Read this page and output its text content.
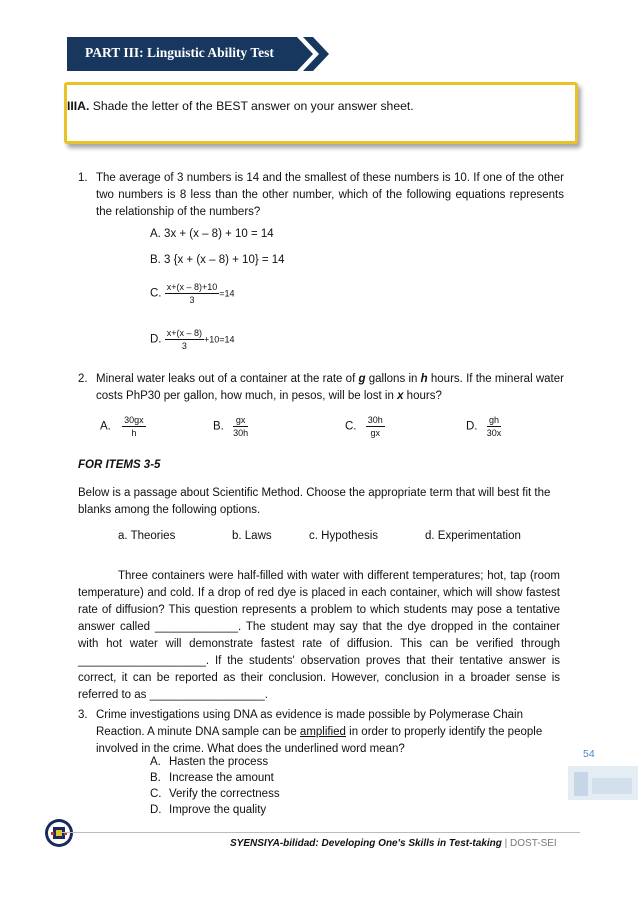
PART III: Linguistic Ability Test
IIIA. Shade the letter of the BEST answer on your answer sheet.
1. The average of 3 numbers is 14 and the smallest of these numbers is 10. If one of the other two numbers is 8 less than the other number, which of the following equations represents the relationship of the numbers?
A. 3x + (x – 8) + 10 = 14
B. 3 {x + (x – 8) + 10} = 14
C. $\frac{x+(x - 8)+10}{3} =14$
D. $\frac{x+(x - 8)}{3} +10=14$
2. Mineral water leaks out of a container at the rate of g gallons in h hours. If the mineral water costs PhP30 per gallon, how much, in pesos, will be lost in x hours?
A. $\frac{30gx}{h}$	B. $\frac{gx}{30h}$	C. $\frac{30h}{gx}$	D. $\frac{gh}{30x}$
FOR ITEMS 3-5
Below is a passage about Scientific Method. Choose the appropriate term that will best fit the blanks among the following options.
a. Theories	b. Laws	c. Hypothesis	d. Experimentation
Three containers were half-filled with water with different temperatures; hot, tap (room temperature) and cold. If a drop of red dye is placed in each container, which will show fastest rate of diffusion? This question represents a problem to which students may pose a tentative answer called _____________. The student may say that the dye dropped in the container with hot water will demonstrate fastest rate of diffusion. This can be verified through ____________________. If the students' observation proves that their tentative answer is correct, it can be reported as their conclusion. However, conclusion in a broader sense is referred to as __________________.
3. Crime investigations using DNA as evidence is made possible by Polymerase Chain Reaction. A minute DNA sample can be amplified in order to properly identify the people involved in the crime. What does the underlined word mean?
A. Hasten the process
B. Increase the amount
C. Verify the correctness
D. Improve the quality
54
SYENSIYA-bilidad: Developing One's Skills in Test-taking | DOST-SEI
